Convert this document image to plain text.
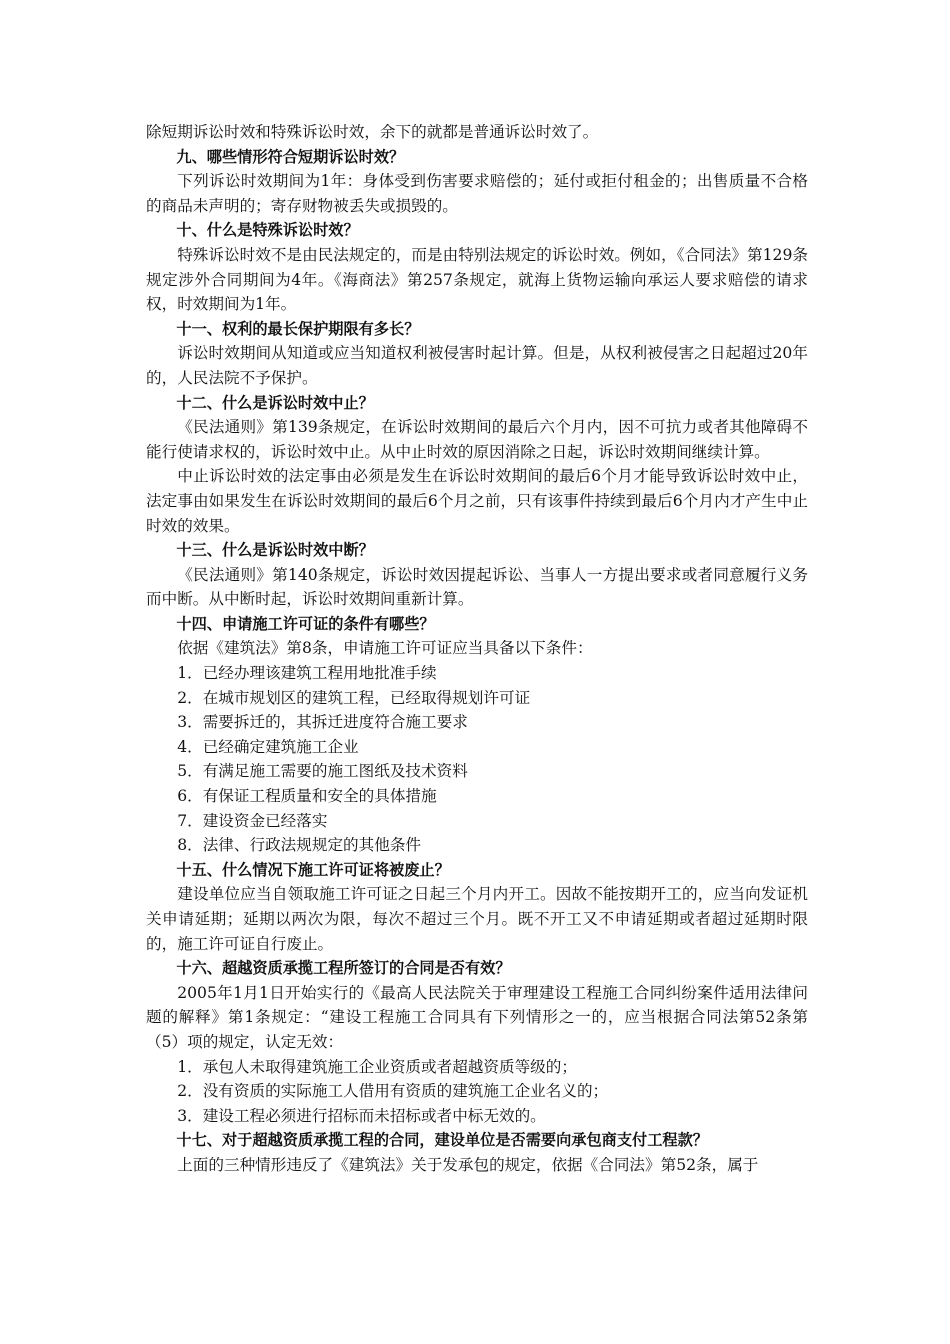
除短期诉讼时效和特殊诉讼时效，余下的就都是普通诉讼时效了。

九、哪些情形符合短期诉讼时效？

下列诉讼时效期间为1年：身体受到伤害要求赔偿的；延付或拒付租金的；出售质量不合格的商品未声明的；寄存财物被丢失或损毁的。

十、什么是特殊诉讼时效？

特殊诉讼时效不是由民法规定的，而是由特别法规定的诉讼时效。例如，《合同法》第129条规定涉外合同期间为4年。《海商法》第257条规定，就海上货物运输向承运人要求赔偿的请求权，时效期间为1年。

十一、权利的最长保护期限有多长？

诉讼时效期间从知道或应当知道权利被侵害时起计算。但是，从权利被侵害之日起超过20年的，人民法院不予保护。

十二、什么是诉讼时效中止？

《民法通则》第139条规定，在诉讼时效期间的最后六个月内，因不可抗力或者其他障碍不能行使请求权的，诉讼时效中止。从中止时效的原因消除之日起，诉讼时效期间继续计算。

中止诉讼时效的法定事由必须是发生在诉讼时效期间的最后6个月才能导致诉讼时效中止，法定事由如果发生在诉讼时效期间的最后6个月之前，只有该事件持续到最后6个月内才产生中止时效的效果。

十三、什么是诉讼时效中断？

《民法通则》第140条规定，诉讼时效因提起诉讼、当事人一方提出要求或者同意履行义务而中断。从中断时起，诉讼时效期间重新计算。

十四、申请施工许可证的条件有哪些？

依据《建筑法》第8条，申请施工许可证应当具备以下条件：

1．已经办理该建筑工程用地批准手续

2．在城市规划区的建筑工程，已经取得规划许可证

3．需要拆迁的，其拆迁进度符合施工要求

4．已经确定建筑施工企业

5．有满足施工需要的施工图纸及技术资料

6．有保证工程质量和安全的具体措施

7．建设资金已经落实

8．法律、行政法规规定的其他条件

十五、什么情况下施工许可证将被废止？

建设单位应当自领取施工许可证之日起三个月内开工。因故不能按期开工的，应当向发证机关申请延期；延期以两次为限，每次不超过三个月。既不开工又不申请延期或者超过延期时限的，施工许可证自行废止。

十六、超越资质承揽工程所签订的合同是否有效？

2005年1月1日开始实行的《最高人民法院关于审理建设工程施工合同纠纷案件适用法律问题的解释》第1条规定：“建设工程施工合同具有下列情形之一的，应当根据合同法第52条第（5）项的规定，认定无效：

1．承包人未取得建筑施工企业资质或者超越资质等级的；

2．没有资质的实际施工人借用有资质的建筑施工企业名义的；

3．建设工程必须进行招标而未招标或者中标无效的。

十七、对于超越资质承揽工程的合同，建设单位是否需要向承包商支付工程款？

上面的三种情形违反了《建筑法》关于发承包的规定，依据《合同法》第52条，属于
